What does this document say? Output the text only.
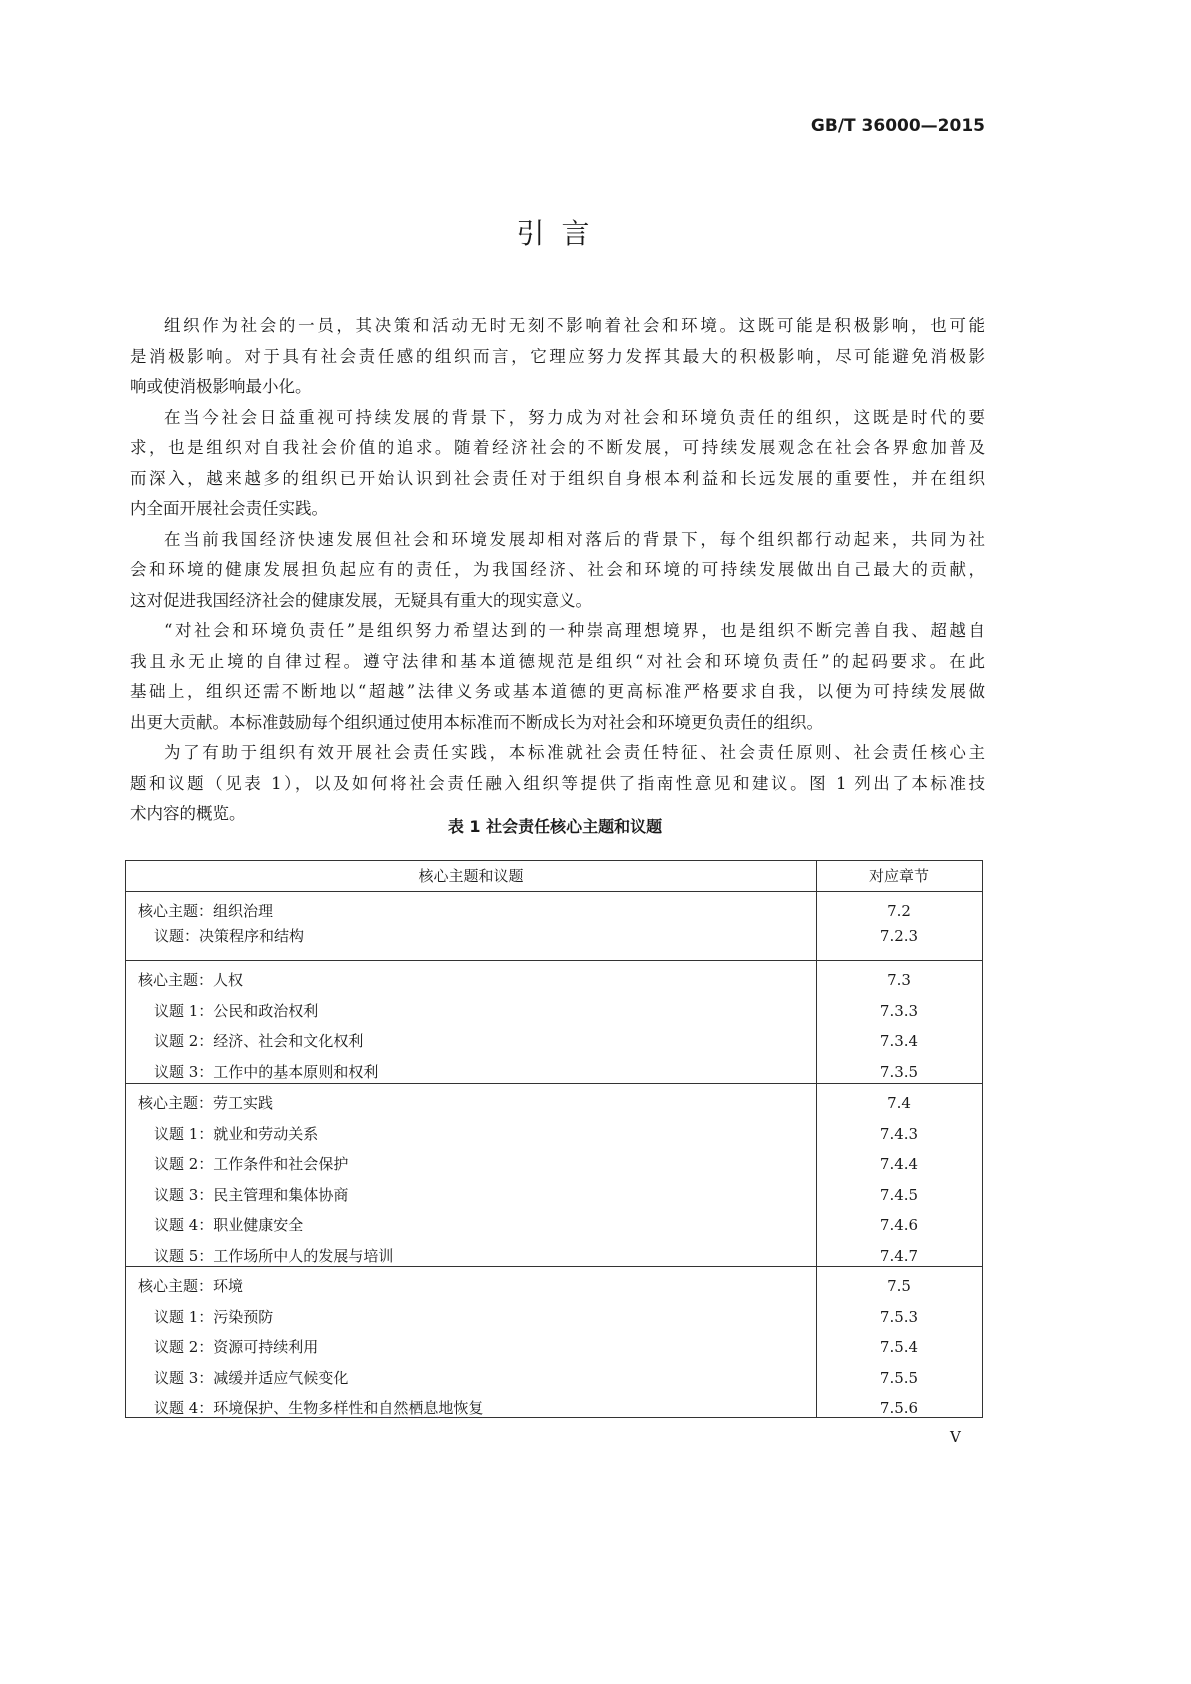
GB/T 36000—2015
引 言
组织作为社会的一员，其决策和活动无时无刻不影响着社会和环境。这既可能是积极影响，也可能
是消极影响。对于具有社会责任感的组织而言，它理应努力发挥其最大的积极影响，尽可能避免消极影
响或使消极影响最小化。
在当今社会日益重视可持续发展的背景下，努力成为对社会和环境负责任的组织，这既是时代的要
求，也是组织对自我社会价值的追求。随着经济社会的不断发展，可持续发展观念在社会各界愈加普及
而深入，越来越多的组织已开始认识到社会责任对于组织自身根本利益和长远发展的重要性，并在组织
内全面开展社会责任实践。
在当前我国经济快速发展但社会和环境发展却相对落后的背景下，每个组织都行动起来，共同为社
会和环境的健康发展担负起应有的责任，为我国经济、社会和环境的可持续发展做出自己最大的贡献，
这对促进我国经济社会的健康发展，无疑具有重大的现实意义。
“对社会和环境负责任”是组织努力希望达到的一种崇高理想境界，也是组织不断完善自我、超越自
我且永无止境的自律过程。遵守法律和基本道德规范是组织“对社会和环境负责任”的起码要求。在此
基础上，组织还需不断地以“超越”法律义务或基本道德的更高标准严格要求自我，以便为可持续发展做
出更大贡献。本标准鼓励每个组织通过使用本标准而不断成长为对社会和环境更负责任的组织。
为了有助于组织有效开展社会责任实践，本标准就社会责任特征、社会责任原则、社会责任核心主
题和议题（见表 1），以及如何将社会责任融入组织等提供了指南性意见和建议。图 1 列出了本标准技
术内容的概览。
表 1 社会责任核心主题和议题
核心主题和议题	对应章节
核心主题：组织治理	7.2
议题：决策程序和结构	7.2.3
核心主题：人权	7.3
议题 1：公民和政治权利	7.3.3
议题 2：经济、社会和文化权利	7.3.4
议题 3：工作中的基本原则和权利	7.3.5
核心主题：劳工实践	7.4
议题 1：就业和劳动关系	7.4.3
议题 2：工作条件和社会保护	7.4.4
议题 3：民主管理和集体协商	7.4.5
议题 4：职业健康安全	7.4.6
议题 5：工作场所中人的发展与培训	7.4.7
核心主题：环境	7.5
议题 1：污染预防	7.5.3
议题 2：资源可持续利用	7.5.4
议题 3：减缓并适应气候变化	7.5.5
议题 4：环境保护、生物多样性和自然栖息地恢复	7.5.6
V
